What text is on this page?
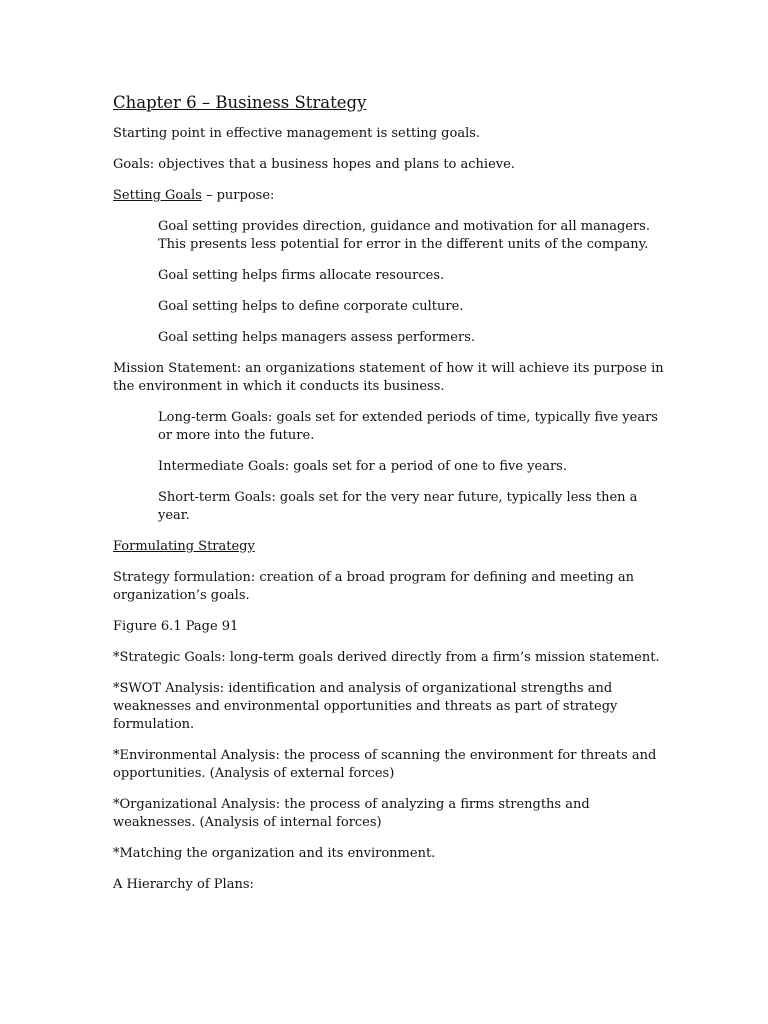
Chapter 6 – Business Strategy

Starting point in effective management is setting goals.

Goals: objectives that a business hopes and plans to achieve.

Setting Goals – purpose:

Goal setting provides direction, guidance and motivation for all managers. This presents less potential for error in the different units of the company.

Goal setting helps firms allocate resources.

Goal setting helps to define corporate culture.

Goal setting helps managers assess performers.

Mission Statement: an organizations statement of how it will achieve its purpose in the environment in which it conducts its business.

Long-term Goals: goals set for extended periods of time, typically five years or more into the future.

Intermediate Goals: goals set for a period of one to five years.

Short-term Goals: goals set for the very near future, typically less then a year.

Formulating Strategy

Strategy formulation: creation of a broad program for defining and meeting an organization’s goals.

Figure 6.1 Page 91

*Strategic Goals: long-term goals derived directly from a firm’s mission statement.

*SWOT Analysis: identification and analysis of organizational strengths and weaknesses and environmental opportunities and threats as part of strategy formulation.

*Environmental Analysis: the process of scanning the environment for threats and opportunities. (Analysis of external forces)

*Organizational Analysis: the process of analyzing a firms strengths and weaknesses. (Analysis of internal forces)

*Matching the organization and its environment.

A Hierarchy of Plans:
